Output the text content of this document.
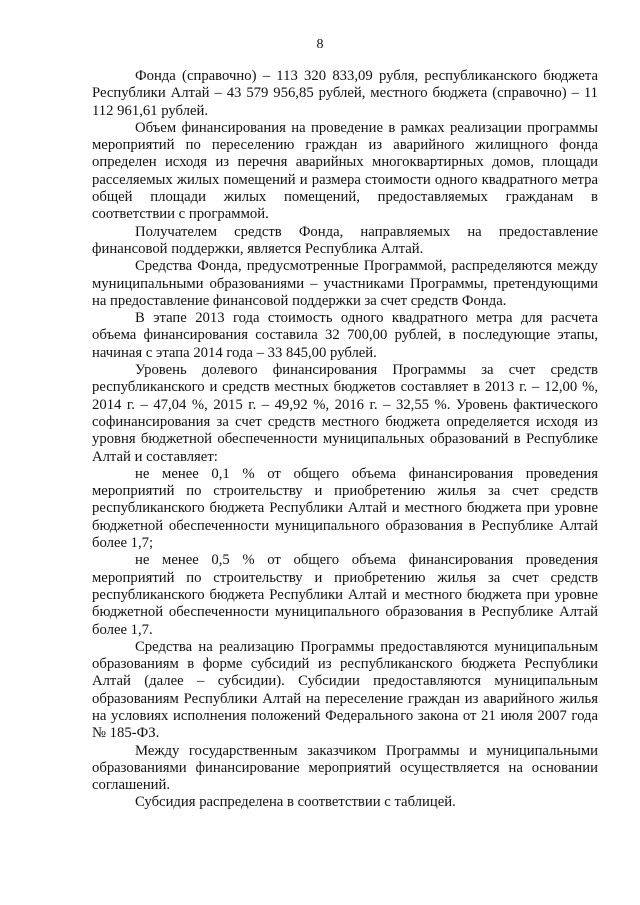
8

Фонда (справочно) – 113 320 833,09 рубля, республиканского бюджета Республики Алтай – 43 579 956,85 рублей, местного бюджета (справочно) – 11 112 961,61 рублей.

Объем финансирования на проведение в рамках реализации программы мероприятий по переселению граждан из аварийного жилищного фонда определен исходя из перечня аварийных многоквартирных домов, площади расселяемых жилых помещений и размера стоимости одного квадратного метра общей площади жилых помещений, предоставляемых гражданам в соответствии с программой.

Получателем средств Фонда, направляемых на предоставление финансовой поддержки, является Республика Алтай.

Средства Фонда, предусмотренные Программой, распределяются между муниципальными образованиями – участниками Программы, претендующими на предоставление финансовой поддержки за счет средств Фонда.

В этапе 2013 года стоимость одного квадратного метра для расчета объема финансирования составила 32 700,00 рублей, в последующие этапы, начиная с этапа 2014 года – 33 845,00 рублей.

Уровень долевого финансирования Программы за счет средств республиканского и средств местных бюджетов составляет в 2013 г. – 12,00 %, 2014 г. – 47,04 %, 2015 г. – 49,92 %, 2016 г. – 32,55 %. Уровень фактического софинансирования за счет средств местного бюджета определяется исходя из уровня бюджетной обеспеченности муниципальных образований в Республике Алтай и составляет:

не менее 0,1 % от общего объема финансирования проведения мероприятий по строительству и приобретению жилья за счет средств республиканского бюджета Республики Алтай и местного бюджета при уровне бюджетной обеспеченности муниципального образования в Республике Алтай более 1,7;

не менее 0,5 % от общего объема финансирования проведения мероприятий по строительству и приобретению жилья за счет средств республиканского бюджета Республики Алтай и местного бюджета при уровне бюджетной обеспеченности муниципального образования в Республике Алтай более 1,7.

Средства на реализацию Программы предоставляются муниципальным образованиям в форме субсидий из республиканского бюджета Республики Алтай (далее – субсидии). Субсидии предоставляются муниципальным образованиям Республики Алтай на переселение граждан из аварийного жилья на условиях исполнения положений Федерального закона от 21 июля 2007 года № 185-ФЗ.

Между государственным заказчиком Программы и муниципальными образованиями финансирование мероприятий осуществляется на основании соглашений.

Субсидия распределена в соответствии с таблицей.
